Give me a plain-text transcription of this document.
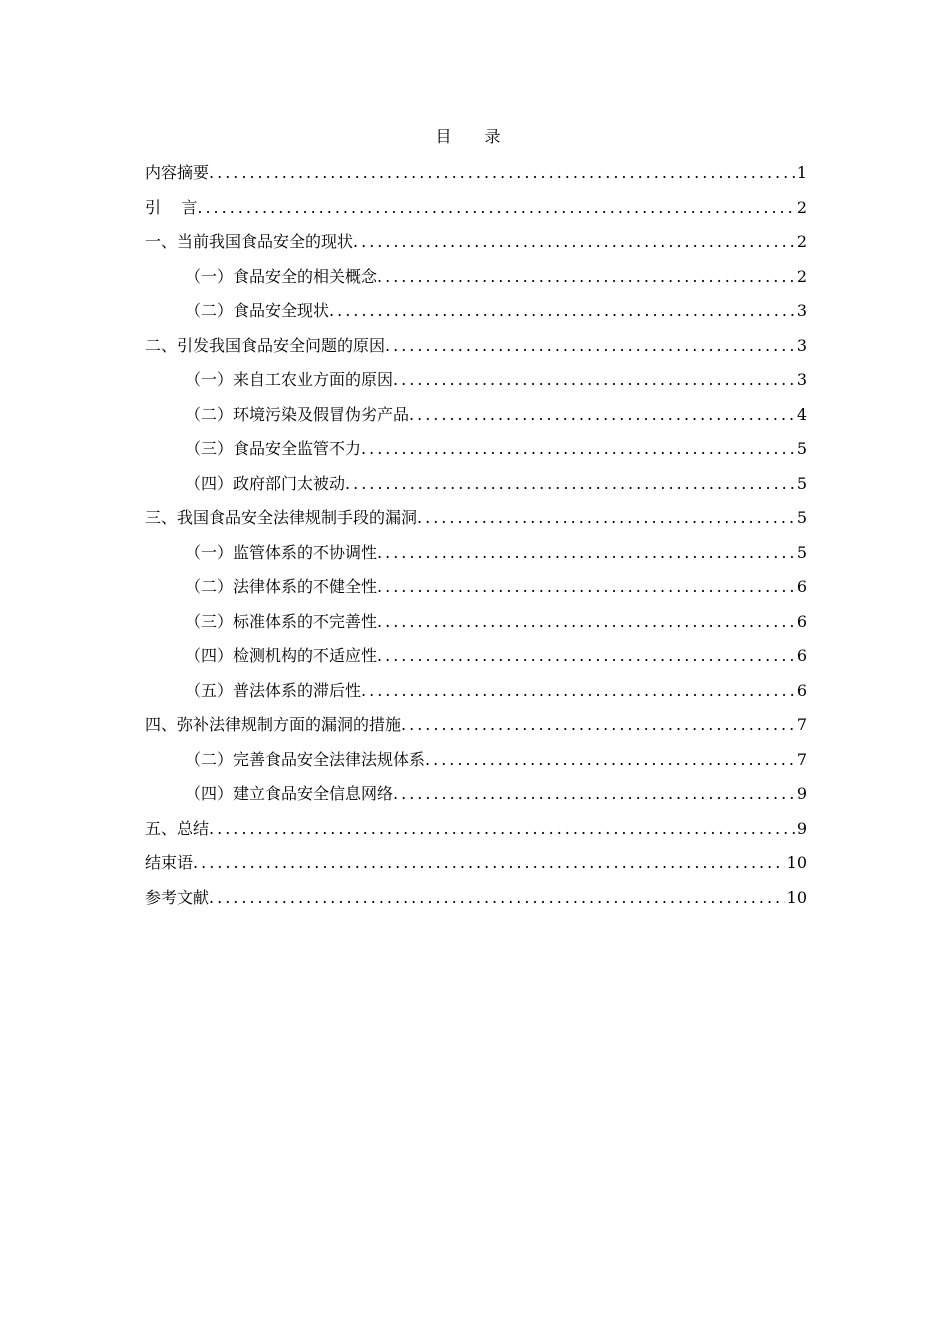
目 录
内容摘要 .....	1
引    言 .....	2
一、当前我国食品安全的现状 .....	2
（一）食品安全的相关概念 .....	2
（二）食品安全现状 .....	3
二、引发我国食品安全问题的原因 .....	3
（一）来自工农业方面的原因 .....	3
（二）环境污染及假冒伪劣产品 .....	4
（三）食品安全监管不力 .....	5
（四）政府部门太被动 .....	5
三、我国食品安全法律规制手段的漏洞 .....	5
（一）监管体系的不协调性 .....	5
（二）法律体系的不健全性 .....	6
（三）标准体系的不完善性 .....	6
（四）检测机构的不适应性 .....	6
（五）普法体系的滞后性 .....	6
四、弥补法律规制方面的漏洞的措施 .....	7
（二）完善食品安全法律法规体系 .....	7
（四）建立食品安全信息网络 .....	9
五、总结 .....	9
结束语 .....	10
参考文献 .....	10
